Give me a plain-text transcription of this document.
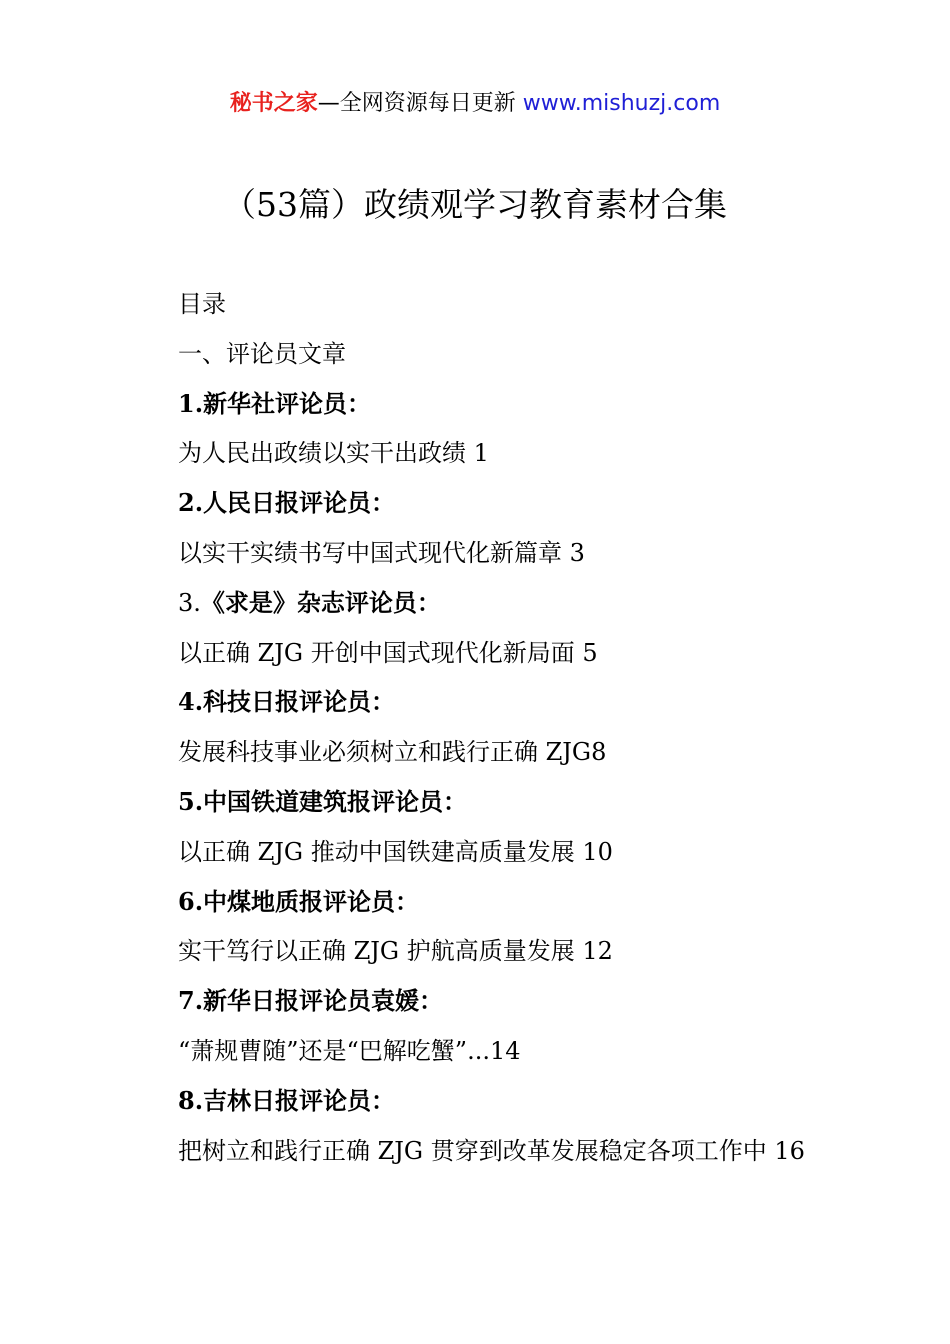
秘书之家—全网资源每日更新 www.mishuzj.com
（53篇）政绩观学习教育素材合集
目录
一、评论员文章
1.新华社评论员：
为人民出政绩以实干出政绩 1
2.人民日报评论员：
以实干实绩书写中国式现代化新篇章 3
3.《求是》杂志评论员：
以正确 ZJG 开创中国式现代化新局面 5
4.科技日报评论员：
发展科技事业必须树立和践行正确 ZJG8
5.中国铁道建筑报评论员：
以正确 ZJG 推动中国铁建高质量发展 10
6.中煤地质报评论员：
实干笃行以正确 ZJG 护航高质量发展 12
7.新华日报评论员袁媛：
“萧规曹随”还是“巴解吃蟹”...14
8.吉林日报评论员：
把树立和践行正确 ZJG 贯穿到改革发展稳定各项工作中 16
